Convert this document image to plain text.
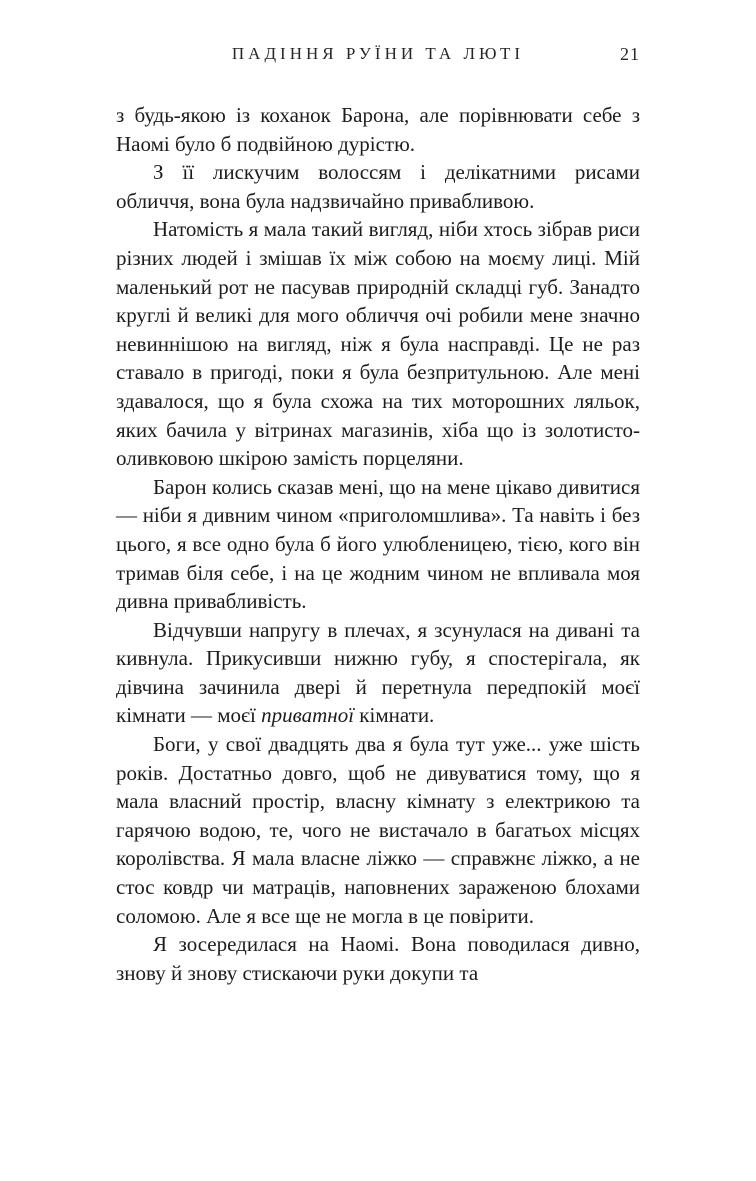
ПАДІННЯ РУЇНИ ТА ЛЮТІ	21

з будь-якою із коханок Барона, але порівнювати себе з Наомі було б подвійною дурістю.

З її лискучим волоссям і делікатними рисами обличчя, вона була надзвичайно привабливою.

Натомість я мала такий вигляд, ніби хтось зібрав риси різних людей і змішав їх між собою на моєму лиці. Мій маленький рот не пасував природній складці губ. Занадто круглі й великі для мого обличчя очі робили мене значно невиннішою на вигляд, ніж я була насправді. Це не раз ставало в пригоді, поки я була безпритульною. Але мені здавалося, що я була схожа на тих моторошних ляльок, яких бачила у вітринах магазинів, хіба що із золотисто-оливковою шкірою замість порцеляни.

Барон колись сказав мені, що на мене цікаво дивитися — ніби я дивним чином «приголомшлива». Та навіть і без цього, я все одно була б його улюбленицею, тією, кого він тримав біля себе, і на це жодним чином не впливала моя дивна привабливість.

Відчувши напругу в плечах, я зсунулася на дивані та кивнула. Прикусивши нижню губу, я спостерігала, як дівчина зачинила двері й перетнула передпокій моєї кімнати — моєї приватної кімнати.

Боги, у свої двадцять два я була тут уже... уже шість років. Достатньо довго, щоб не дивуватися тому, що я мала власний простір, власну кімнату з електрикою та гарячою водою, те, чого не вистачало в багатьох місцях королівства. Я мала власне ліжко — справжнє ліжко, а не стос ковдр чи матраців, наповнених зараженою блохами соломою. Але я все ще не могла в це повірити.

Я зосередилася на Наомі. Вона поводилася дивно, знову й знову стискаючи руки докупи та
